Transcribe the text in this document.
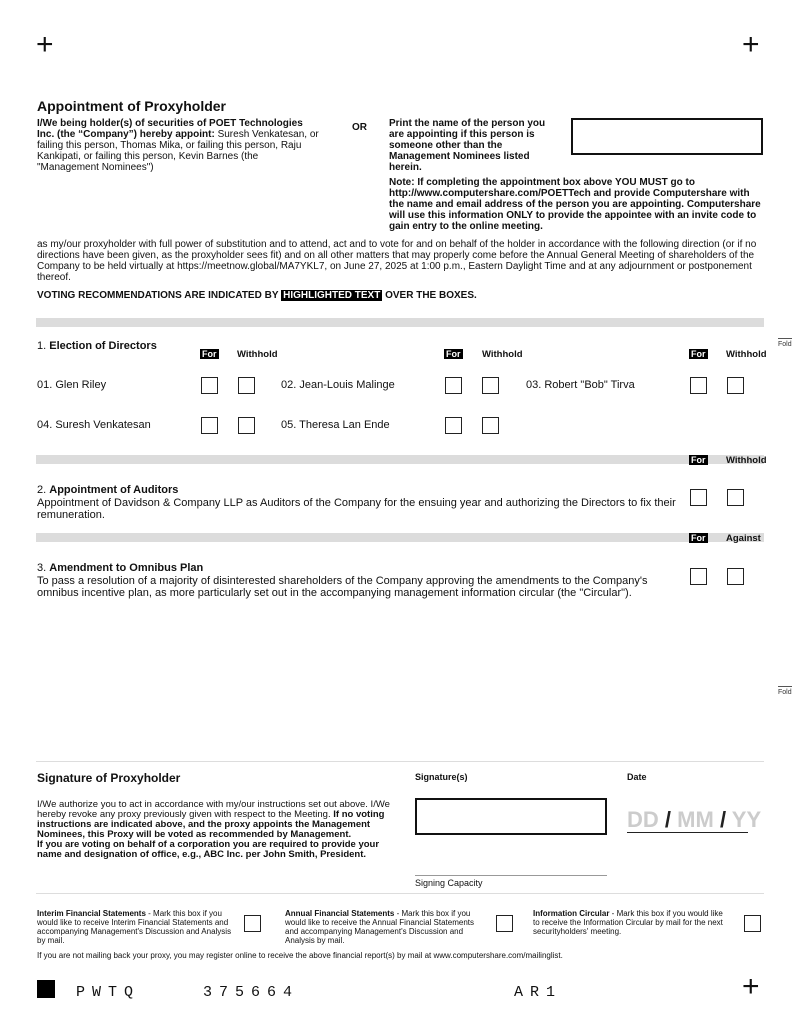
+	+
+
Appointment of Proxyholder
I/We being holder(s) of securities of POET Technologies Inc. (the “Company”) hereby appoint: Suresh Venkatesan, or failing this person, Thomas Mika, or failing this person, Raju Kankipati, or failing this person, Kevin Barnes (the "Management Nominees")
OR Print the name of the person you are appointing if this person is someone other than the Management Nominees listed herein.
Note: If completing the appointment box above YOU MUST go to http://www.computershare.com/POETTech and provide Computershare with the name and email address of the person you are appointing. Computershare will use this information ONLY to provide the appointee with an invite code to gain entry to the online meeting.
as my/our proxyholder with full power of substitution and to attend, act and to vote for and on behalf of the holder in accordance with the following direction (or if no directions have been given, as the proxyholder sees fit) and on all other matters that may properly come before the Annual General Meeting of shareholders of the Company to be held virtually at https://meetnow.global/MA7YKL7, on June 27, 2025 at 1:00 p.m., Eastern Daylight Time and at any adjournment or postponement thereof.
VOTING RECOMMENDATIONS ARE INDICATED BY HIGHLIGHTED TEXT OVER THE BOXES.
Fold
1. Election of Directors
For Withhold	For Withhold	For Withhold
01. Glen Riley	02. Jean-Louis Malinge	03. Robert "Bob" Tirva
04. Suresh Venkatesan	05. Theresa Lan Ende
For Withhold
2. Appointment of Auditors
Appointment of Davidson & Company LLP as Auditors of the Company for the ensuing year and authorizing the Directors to fix their remuneration.
For Against
3. Amendment to Omnibus Plan
To pass a resolution of a majority of disinterested shareholders of the Company approving the amendments to the Company's omnibus incentive plan, as more particularly set out in the accompanying management information circular (the "Circular").
Fold
Signature of Proxyholder
I/We authorize you to act in accordance with my/our instructions set out above. I/We hereby revoke any proxy previously given with respect to the Meeting. If no voting instructions are indicated above, and the proxy appoints the Management Nominees, this Proxy will be voted as recommended by Management.
If you are voting on behalf of a corporation you are required to provide your name and designation of office, e.g., ABC Inc. per John Smith, President.
Signature(s)
Signing Capacity
Date
DD / MM / YY
Interim Financial Statements - Mark this box if you would like to receive Interim Financial Statements and accompanying Management's Discussion and Analysis by mail.
Annual Financial Statements - Mark this box if you would like to receive the Annual Financial Statements and accompanying Management's Discussion and Analysis by mail.
Information Circular - Mark this box if you would like to receive the Information Circular by mail for the next securityholders' meeting.
If you are not mailing back your proxy, you may register online to receive the above financial report(s) by mail at www.computershare.com/mailinglist.
PWTQ	375664	AR1
